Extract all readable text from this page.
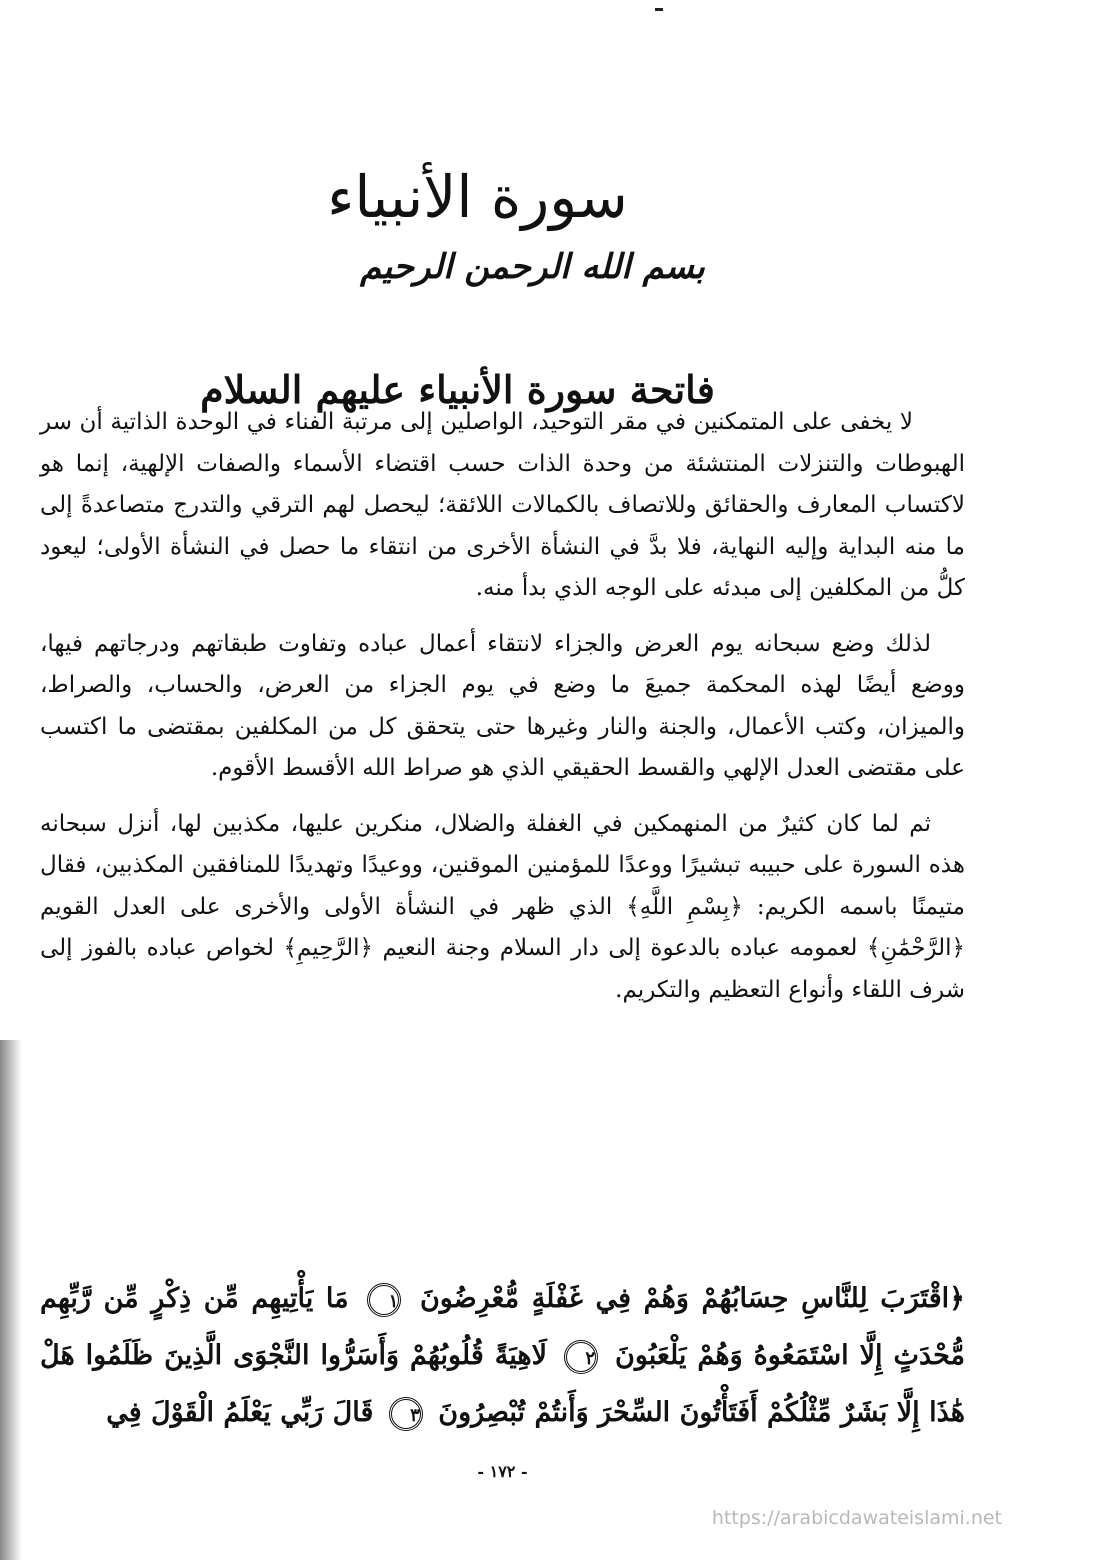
سورة الأنبياء
بسم الله الرحمن الرحيم
فاتحة سورة الأنبياء عليهم السلام

لا يخفى على المتمكنين في مقر التوحيد، الواصلين إلى مرتبة الفناء في الوحدة الذاتية أن سر الهبوطات والتنزلات المنتشئة من وحدة الذات حسب اقتضاء الأسماء والصفات الإلهية، إنما هو لاكتساب المعارف والحقائق وللاتصاف بالكمالات اللائقة؛ ليحصل لهم الترقي والتدرج متصاعدةً إلى ما منه البداية وإليه النهاية، فلا بدَّ في النشأة الأخرى من انتقاء ما حصل في النشأة الأولى؛ ليعود كلُّ من المكلفين إلى مبدئه على الوجه الذي بدأ منه.

لذلك وضع سبحانه يوم العرض والجزاء لانتقاء أعمال عباده وتفاوت طبقاتهم ودرجاتهم فيها، ووضع أيضًا لهذه المحكمة جميعَ ما وضع في يوم الجزاء من العرض، والحساب، والصراط، والميزان، وكتب الأعمال، والجنة والنار وغيرها حتى يتحقق كل من المكلفين بمقتضى ما اكتسب على مقتضى العدل الإلهي والقسط الحقيقي الذي هو صراط الله الأقسط الأقوم.

ثم لما كان كثيرٌ من المنهمكين في الغفلة والضلال، منكرين عليها، مكذبين لها، أنزل سبحانه هذه السورة على حبيبه تبشيرًا ووعدًا للمؤمنين الموقنين، ووعيدًا وتهديدًا للمنافقين المكذبين، فقال متيمنًا باسمه الكريم: ﴿بِسْمِ اللَّهِ﴾ الذي ظهر في النشأة الأولى والأخرى على العدل القويم ﴿الرَّحْمَٰنِ﴾ لعمومه عباده بالدعوة إلى دار السلام وجنة النعيم ﴿الرَّحِيمِ﴾ لخواص عباده بالفوز إلى شرف اللقاء وأنواع التعظيم والتكريم.

﴿اقْتَرَبَ لِلنَّاسِ حِسَابُهُمْ وَهُمْ فِي غَفْلَةٍ مُّعْرِضُونَ ١ مَا يَأْتِيهِم مِّن ذِكْرٍ مِّن رَّبِّهِم مُّحْدَثٍ إِلَّا اسْتَمَعُوهُ وَهُمْ يَلْعَبُونَ ٢ لَاهِيَةً قُلُوبُهُمْ وَأَسَرُّوا النَّجْوَى الَّذِينَ ظَلَمُوا هَلْ هَٰذَا إِلَّا بَشَرٌ مِّثْلُكُمْ أَفَتَأْتُونَ السِّحْرَ وَأَنتُمْ تُبْصِرُونَ ٣ قَالَ رَبِّي يَعْلَمُ الْقَوْلَ فِي
- ١٧٢ -
https://arabicdawateislami.net
